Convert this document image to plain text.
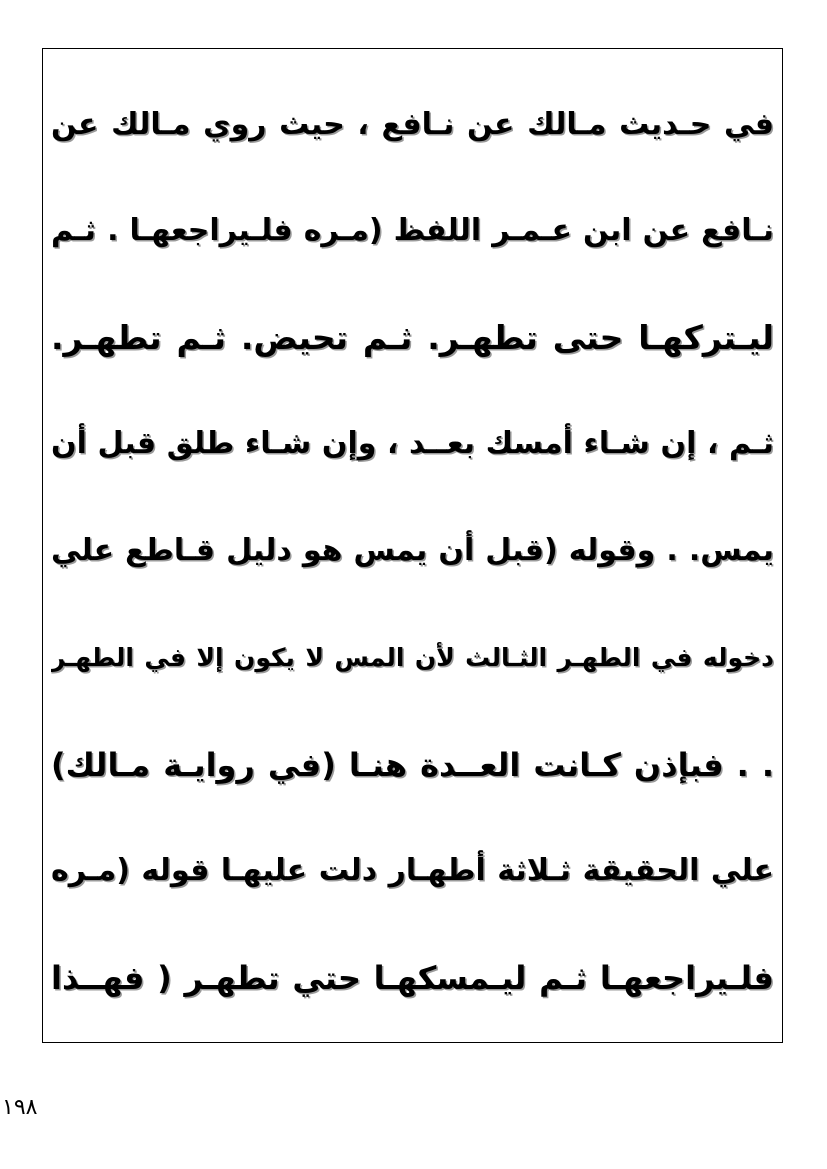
في حـديث مـالك عن نـافع ، حيث روي مـالك عن
نـافع عن ابن عـمـر اللفظ (مـره فلـيراجعهـا . ثـم
ليـتركهـا حتى تطهـر. ثـم تحيض. ثـم تطهـر.
ثـم ، إن شـاء أمسك بعــد ، وإن شـاء طلق قبل أن
يمس. . وقوله (قبل أن يمس هو دليل قـاطع علي
دخوله في الطهـر الثـالث لأن المس لا يكون إلا في الطهـر
. . فبإذن كـانت العــدة هنـا (في روايـة مـالك)
علي الحقيقة ثـلاثة أطهـار دلت عليهـا قوله (مـره
فلـيراجعهـا ثـم ليـمسكهـا حتي تطهـر ( فهــذا
١٩٨
